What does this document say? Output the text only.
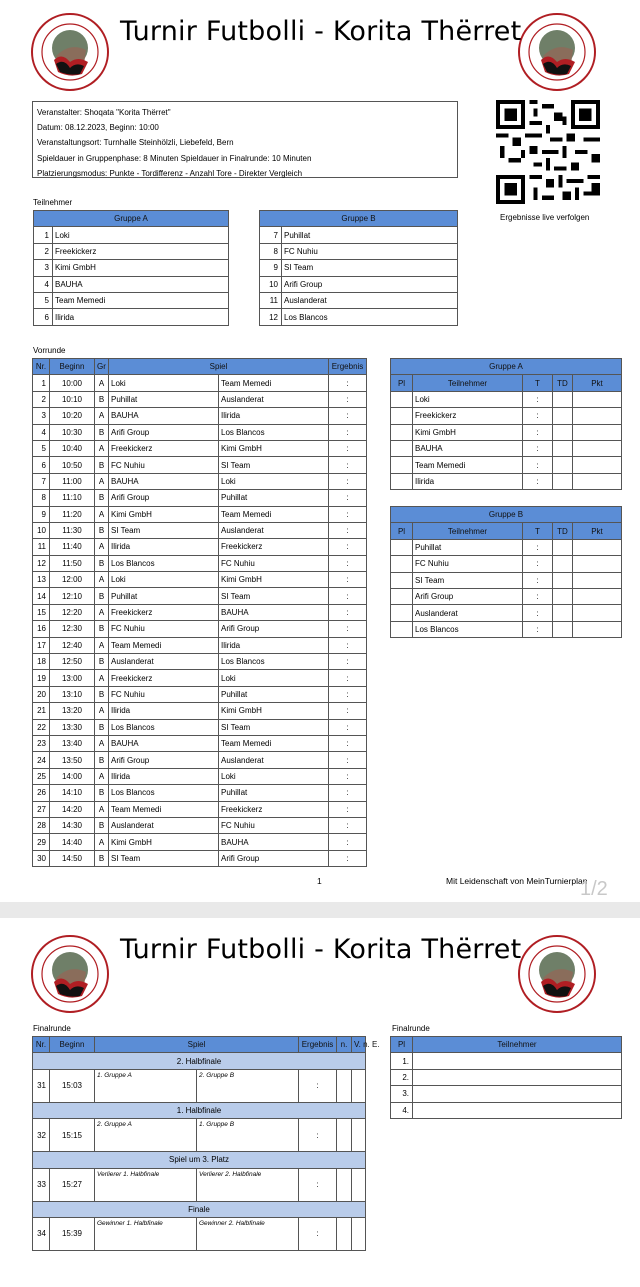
Turnir Futbolli - Korita Thërret
Veranstalter: Shoqata "Korita Thërret"
Datum: 08.12.2023, Beginn: 10:00
Veranstaltungsort: Turnhalle Steinhölzli, Liebefeld, Bern
Spieldauer in Gruppenphase: 8 Minuten Spieldauer in Finalrunde: 10 Minuten
Platzierungsmodus: Punkte - Tordifferenz - Anzahl Tore - Direkter Vergleich
Ergebnisse live verfolgen
Teilnehmer
Gruppe A	
1	Loki
2	Freekickerz
3	Kimi GmbH
4	BAUHA
5	Team Memedi
6	Ilirida
Gruppe B	
7	Puhillat
8	FC Nuhiu
9	SI Team
10	Arifi Group
11	Auslanderat
12	Los Blancos
Vorrunde
Nr.	Beginn	Gr	Spiel		Ergebnis
1	10:00	A	Loki	Team Memedi	:
2	10:10	B	Puhillat	Auslanderat	:
3	10:20	A	BAUHA	Ilirida	:
4	10:30	B	Arifi Group	Los Blancos	:
5	10:40	A	Freekickerz	Kimi GmbH	:
6	10:50	B	FC Nuhiu	SI Team	:
7	11:00	A	BAUHA	Loki	:
8	11:10	B	Arifi Group	Puhillat	:
9	11:20	A	Kimi GmbH	Team Memedi	:
10	11:30	B	SI Team	Auslanderat	:
11	11:40	A	Ilirida	Freekickerz	:
12	11:50	B	Los Blancos	FC Nuhiu	:
13	12:00	A	Loki	Kimi GmbH	:
14	12:10	B	Puhillat	SI Team	:
15	12:20	A	Freekickerz	BAUHA	:
16	12:30	B	FC Nuhiu	Arifi Group	:
17	12:40	A	Team Memedi	Ilirida	:
18	12:50	B	Auslanderat	Los Blancos	:
19	13:00	A	Freekickerz	Loki	:
20	13:10	B	FC Nuhiu	Puhillat	:
21	13:20	A	Ilirida	Kimi GmbH	:
22	13:30	B	Los Blancos	SI Team	:
23	13:40	A	BAUHA	Team Memedi	:
24	13:50	B	Arifi Group	Auslanderat	:
25	14:00	A	Ilirida	Loki	:
26	14:10	B	Los Blancos	Puhillat	:
27	14:20	A	Team Memedi	Freekickerz	:
28	14:30	B	Auslanderat	FC Nuhiu	:
29	14:40	A	Kimi GmbH	BAUHA	:
30	14:50	B	SI Team	Arifi Group	:
Gruppe A				
Pl	Teilnehmer	T	TD	Pkt
	Loki	:		
	Freekickerz	:		
	Kimi GmbH	:		
	BAUHA	:		
	Team Memedi	:		
	Ilirida	:		
Gruppe B				
Pl	Teilnehmer	T	TD	Pkt
	Puhillat	:		
	FC Nuhiu	:		
	SI Team	:		
	Arifi Group	:		
	Auslanderat	:		
	Los Blancos	:		
1	Mit Leidenschaft von MeinTurnierplan
1/2
Turnir Futbolli - Korita Thërret
Finalrunde
Nr.	Beginn	Spiel		Ergebnis	n.	V. n. E.
2. Halbfinale						
31	15:03	1. Gruppe A	2. Gruppe B	:		
1. Halbfinale						
32	15:15	2. Gruppe A	1. Gruppe B	:		
Spiel um 3. Platz						
33	15:27	Verlierer 1. Halbfinale	Verlierer 2. Halbfinale	:		
Finale						
34	15:39	Gewinner 1. Halbfinale	Gewinner 2. Halbfinale	:		
Finalrunde
Pl	Teilnehmer
1.	
2.	
3.	
4.	
